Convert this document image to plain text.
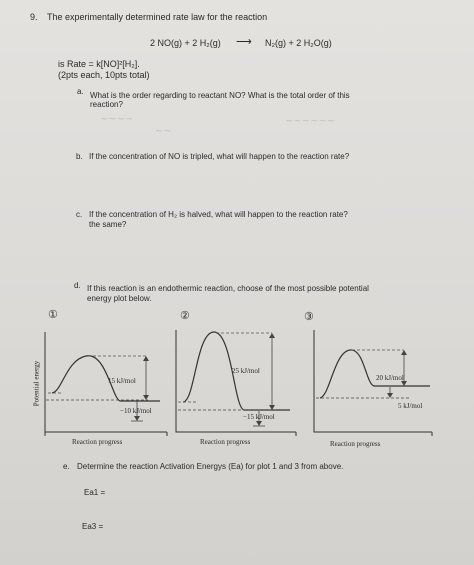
9. The experimentally determined rate law for the reaction
2 NO(g) + 2 H₂(g) ⟶ N₂(g) + 2 H₂O(g)
is Rate = k[NO]²[H₂].
(2pts each, 10pts total)
a. What is the order regarding to reactant NO? What is the total order of this
reaction?
~~~~
~~
~~~~~~
b. If the concentration of NO is tripled, what will happen to the reaction rate?
c. If the concentration of H₂ is halved, what will happen to the reaction rate?
the same?
d. If this reaction is an endothermic reaction, choose of the most possible potential
energy plot below.
①	②	③
Potential energy	15 kJ/mol
−10 kJ/mol
Reaction progress
25 kJ/mol
−15 kJ/mol
Reaction progress
20 kJ/mol
5 kJ/mol
Reaction progress
e. Determine the reaction Activation Energys (Ea) for plot 1 and 3 from above.
Ea1 =
Ea3 =
